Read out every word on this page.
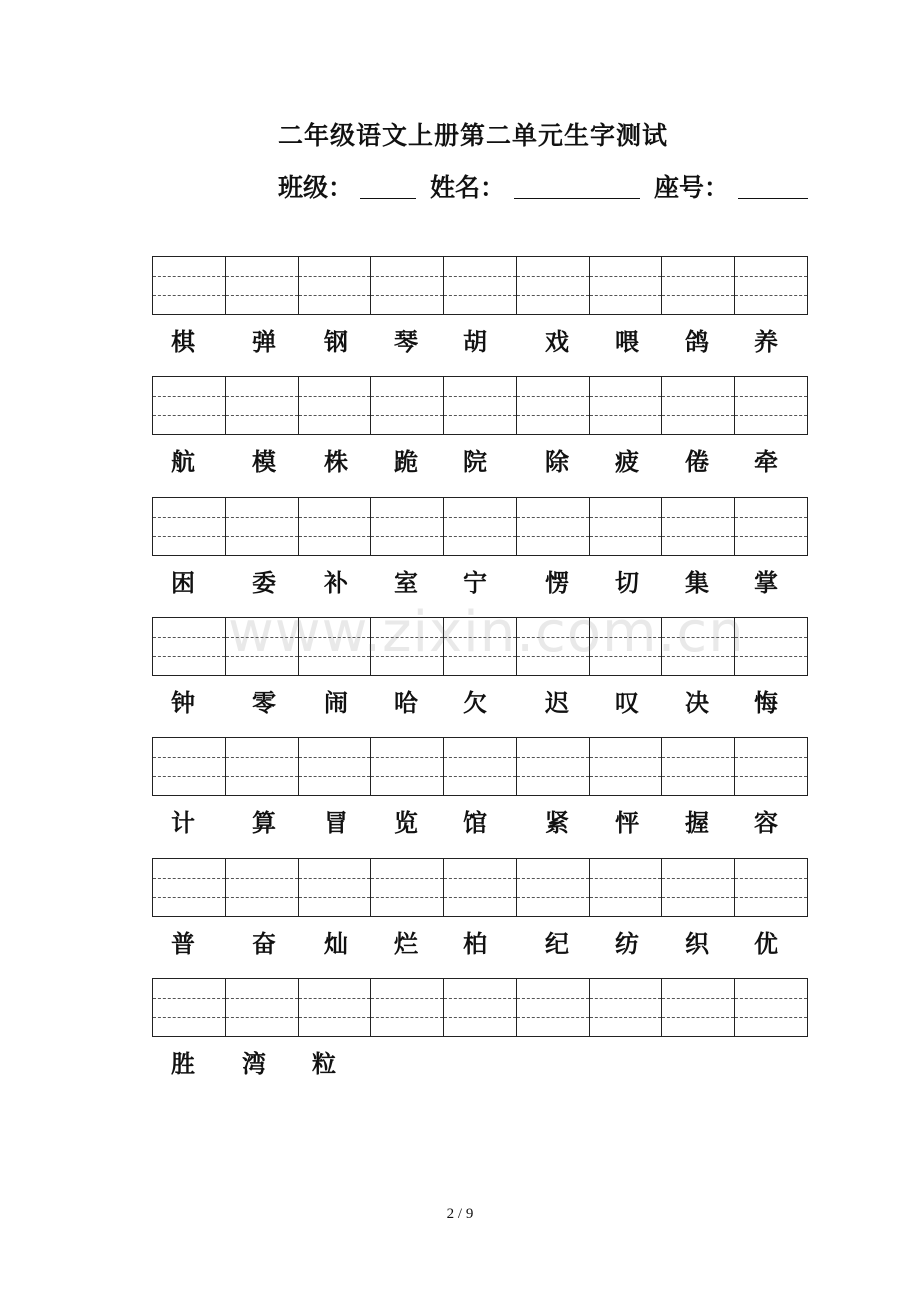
二年级语文上册第二单元生字测试
班级：	姓名：	座号：
棋	弹	钢	琴	胡	戏	喂	鸽	养
航	模	株	跪	院	除	疲	倦	牵
困	委	补	室	宁	愣	切	集	掌
钟	零	闹	哈	欠	迟	叹	决	悔
计	算	冒	览	馆	紧	怦	握	容
普	奋	灿	烂	柏	纪	纺	织	优
胜	湾	粒
www.zixin.com.cn
2 / 9
